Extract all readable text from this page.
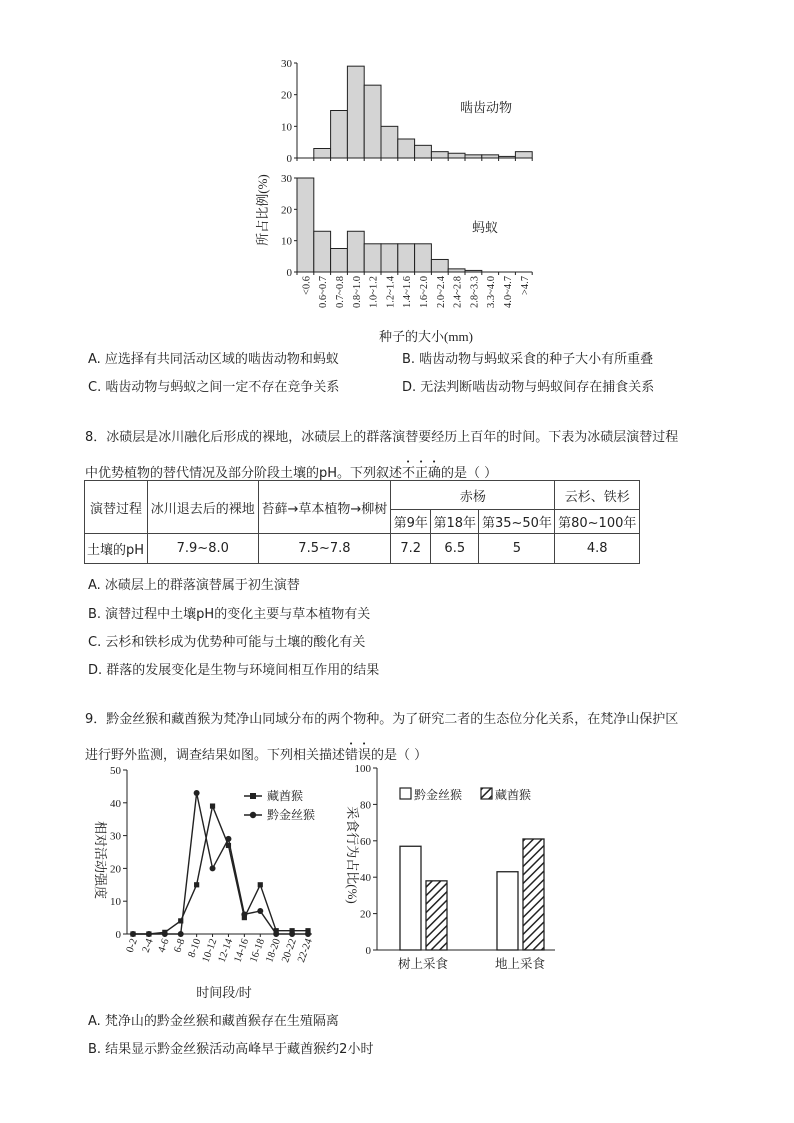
0
10
20
30
0
10
20
30
<0.6 0.6~0.7 0.7~0.8 0.8~1.0 1.0~1.2 1.2~1.4 1.4~1.6 1.6~2.0 2.0~2.4 2.4~2.8 2.8~3.3 3.3~4.0 4.0~4.7 >4.7
啮齿动物
蚂蚁
所占比例(%)
种子的大小(mm)
A. 应选择有共同活动区域的啮齿动物和蚂蚁	B. 啮齿动物与蚂蚁采食的种子大小有所重叠
C. 啮齿动物与蚂蚁之间一定不存在竞争关系	D. 无法判断啮齿动物与蚂蚁间存在捕食关系
8．冰碛层是冰川融化后形成的裸地，冰碛层上的群落演替要经历上百年的时间。下表为冰碛层演替过程
中优势植物的替代情况及部分阶段土壤的pH。下列叙述不正确的是（ ）
演替过程	冰川退去后的裸地	苔藓→草本植物→柳树	赤杨			云杉、铁杉
			第9年	第18年	第35~50年	第80~100年
土壤的pH	7.9~8.0	7.5~7.8	7.2	6.5	5	4.8
A. 冰碛层上的群落演替属于初生演替
B. 演替过程中土壤pH的变化主要与草本植物有关
C. 云杉和铁杉成为优势种可能与土壤的酸化有关
D. 群落的发展变化是生物与环境间相互作用的结果
9．黔金丝猴和藏酋猴为梵净山同域分布的两个物种。为了研究二者的生态位分化关系，在梵净山保护区
进行野外监测，调查结果如图。下列相关描述错误的是（ ）
0
10
20
30
40
50
0-2 2-4 4-6 6-8
8-10
10-12
12-14
14-16
16-18
18-20
20-22
22-24
藏酋猴
黔金丝猴
相对活动强度
时间段/时
0
20
40
60
80
100
树上采食	地上采食
黔金丝猴	藏酋猴
采食行为占比(%)
A. 梵净山的黔金丝猴和藏酋猴存在生殖隔离
B. 结果显示黔金丝猴活动高峰早于藏酋猴约2小时
